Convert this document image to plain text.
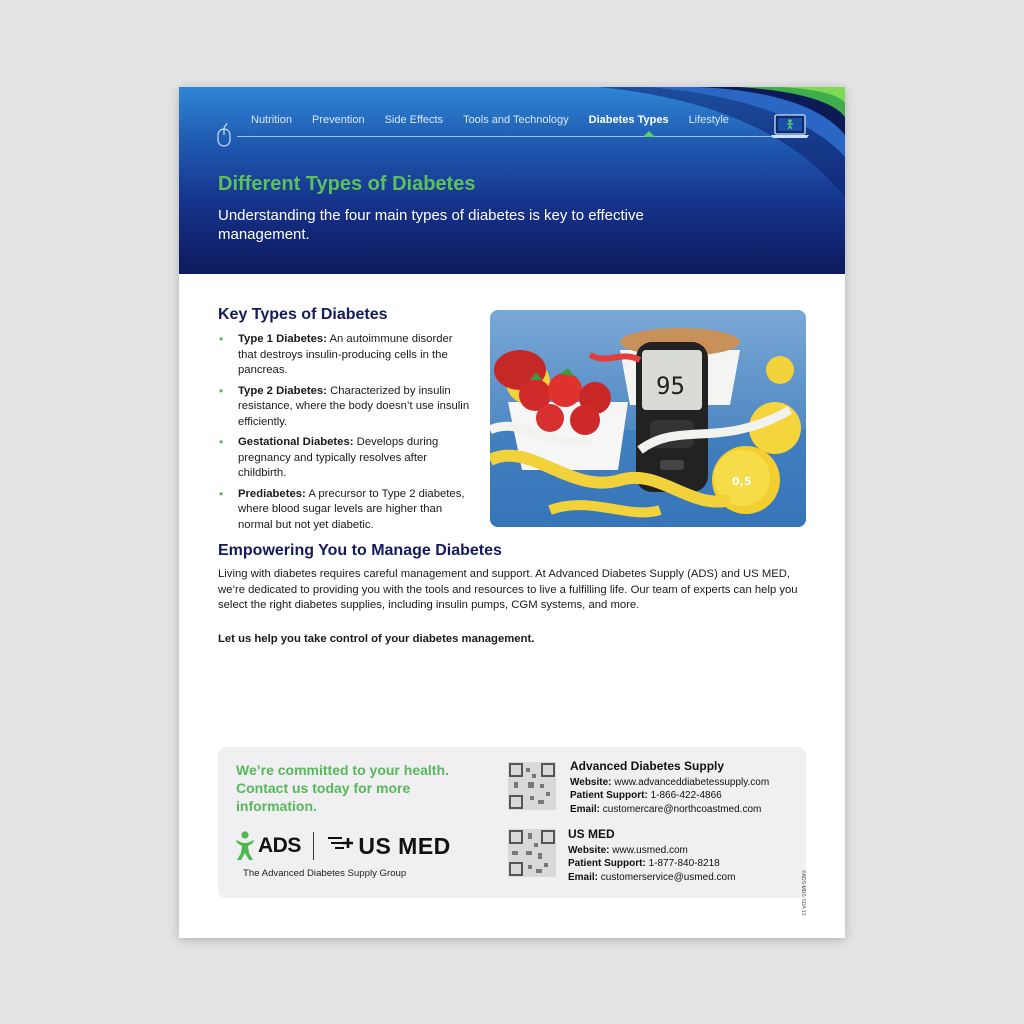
Nutrition Prevention Side Effects Tools and Technology Diabetes Types Lifestyle
Different Types of Diabetes
Understanding the four main types of diabetes is key to effective management.
Key Types of Diabetes
• Type 1 Diabetes: An autoimmune disorder that destroys insulin-producing cells in the pancreas.
• Type 2 Diabetes: Characterized by insulin resistance, where the body doesn’t use insulin efficiently.
• Gestational Diabetes: Develops during pregnancy and typically resolves after childbirth.
• Prediabetes: A precursor to Type 2 diabetes, where blood sugar levels are higher than normal but not yet diabetic.
0,5
95
Empowering You to Manage Diabetes

Living with diabetes requires careful management and support. At Advanced Diabetes Supply (ADS) and US MED, we’re dedicated to providing you with the tools and resources to live a fulfilling life. Our team of experts can help you select the right diabetes supplies, including insulin pumps, CGM systems, and more.

Let us help you take control of your diabetes management.

We’re committed to your health. Contact us today for more information.
ADS	US MED
The Advanced Diabetes Supply Group
Advanced Diabetes Supply
Website: www.advanceddiabetessupply.com
Patient Support: 1-866-422-4866
Email: customercare@northcoastmed.com
US MED
Website: www.usmed.com
Patient Support: 1-877-840-8218
Email: customerservice@usmed.com	©ADS-MDS-SDA 13
